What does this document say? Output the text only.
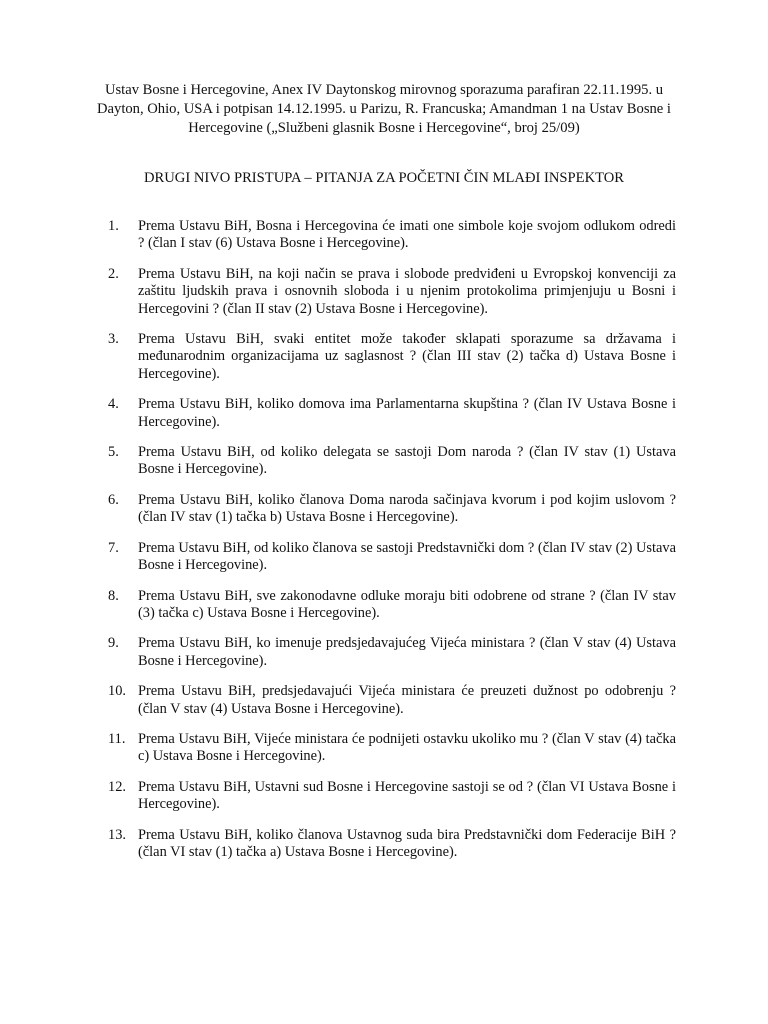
Ustav Bosne i Hercegovine, Anex IV Daytonskog mirovnog sporazuma parafiran 22.11.1995. u Dayton, Ohio, USA i potpisan 14.12.1995. u Parizu, R. Francuska; Amandman 1 na Ustav Bosne i Hercegovine („Službeni glasnik Bosne i Hercegovine“, broj 25/09)
DRUGI NIVO PRISTUPA – PITANJA ZA POČETNI ČIN MLAĐI INSPEKTOR
1.	Prema Ustavu BiH, Bosna i Hercegovina će imati one simbole koje svojom odlukom odredi ? (član I stav (6) Ustava Bosne i Hercegovine).
2.	Prema Ustavu BiH, na koji način se prava i slobode predviđeni u Evropskoj konvenciji za zaštitu ljudskih prava i osnovnih sloboda i u njenim protokolima primjenjuju u Bosni i Hercegovini ? (član II stav (2) Ustava Bosne i Hercegovine).
3.	Prema Ustavu BiH, svaki entitet može također sklapati sporazume sa državama i međunarodnim organizacijama uz saglasnost ? (član III stav (2) tačka d) Ustava Bosne i Hercegovine).
4.	Prema Ustavu BiH, koliko domova ima Parlamentarna skupština ? (član IV Ustava Bosne i Hercegovine).
5.	Prema Ustavu BiH, od koliko delegata se sastoji Dom naroda ? (član IV stav (1) Ustava Bosne i Hercegovine).
6.	Prema Ustavu BiH, koliko članova Doma naroda sačinjava kvorum i pod kojim uslovom ? (član IV stav (1) tačka b) Ustava Bosne i Hercegovine).
7.	Prema Ustavu BiH, od koliko članova se sastoji Predstavnički dom ? (član IV stav (2) Ustava Bosne i Hercegovine).
8.	Prema Ustavu BiH, sve zakonodavne odluke moraju biti odobrene od strane ? (član IV stav (3) tačka c) Ustava Bosne i Hercegovine).
9.	Prema Ustavu BiH, ko imenuje predsjedavajućeg Vijeća ministara ? (član V stav (4) Ustava Bosne i Hercegovine).
10. Prema Ustavu BiH, predsjedavajući Vijeća ministara će preuzeti dužnost po odobrenju ? (član V stav (4) Ustava Bosne i Hercegovine).
11. Prema Ustavu BiH, Vijeće ministara će podnijeti ostavku ukoliko mu ? (član V stav (4) tačka c) Ustava Bosne i Hercegovine).
12. Prema Ustavu BiH, Ustavni sud Bosne i Hercegovine sastoji se od ? (član VI Ustava Bosne i Hercegovine).
13. Prema Ustavu BiH, koliko članova Ustavnog suda bira Predstavnički dom Federacije BiH ? (član VI stav (1) tačka a) Ustava Bosne i Hercegovine).
